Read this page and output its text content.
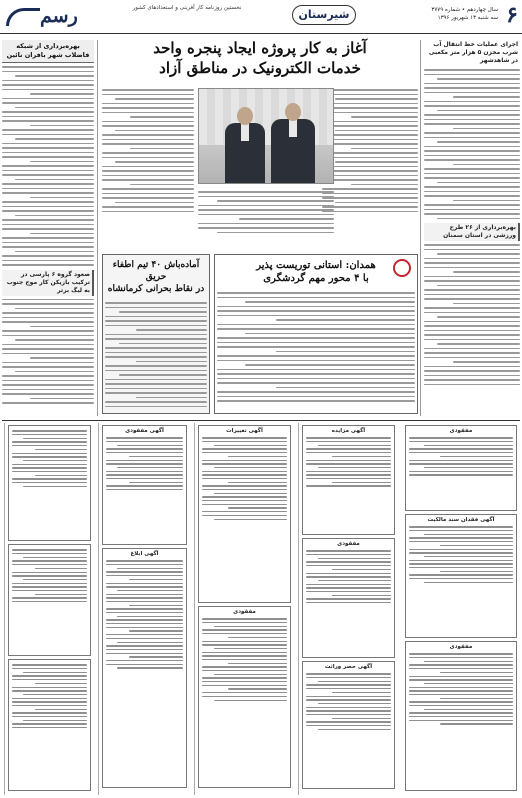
رسم	نخستین روزنامه کار آفرینی و استعدادهای کشور	شیرستان	سال چهاردهم • شماره ۳۷۷۹
سه شنبه ۱۳ شهریور ۱۳۹۶ ۶
اجرای عملیات خط انتقال آب شرب مخزن ۵ هزار متر مکعبی در شاهدشهر
بهره‌برداری از ۲۶ طرح ورزشی در استان سمنان
بهره‌برداری از شبکه فاضلاب شهر بافران نائین
صعود گروه ۶ پارسی در ترکیب بازیکن کار موج جنوب به لیگ برتر
آغاز به کار پروژه ایجاد پنجره واحد
خدمات الکترونیک در مناطق آزاد
همدان: استانی توریست پذیر
با ۴ محور مهم گردشگری
آماده‌باش ۴۰ تیم اطفاء حریق
در نقاط بحرانی کرمانشاه
مفقودی
آگهی فقدان سند مالکیت
مفقودی
آگهی مزایده
مفقودی
آگهی حصر وراثت
آگهی تغییرات
مفقودی
آگهی مفقودی
آگهی ابلاغ
